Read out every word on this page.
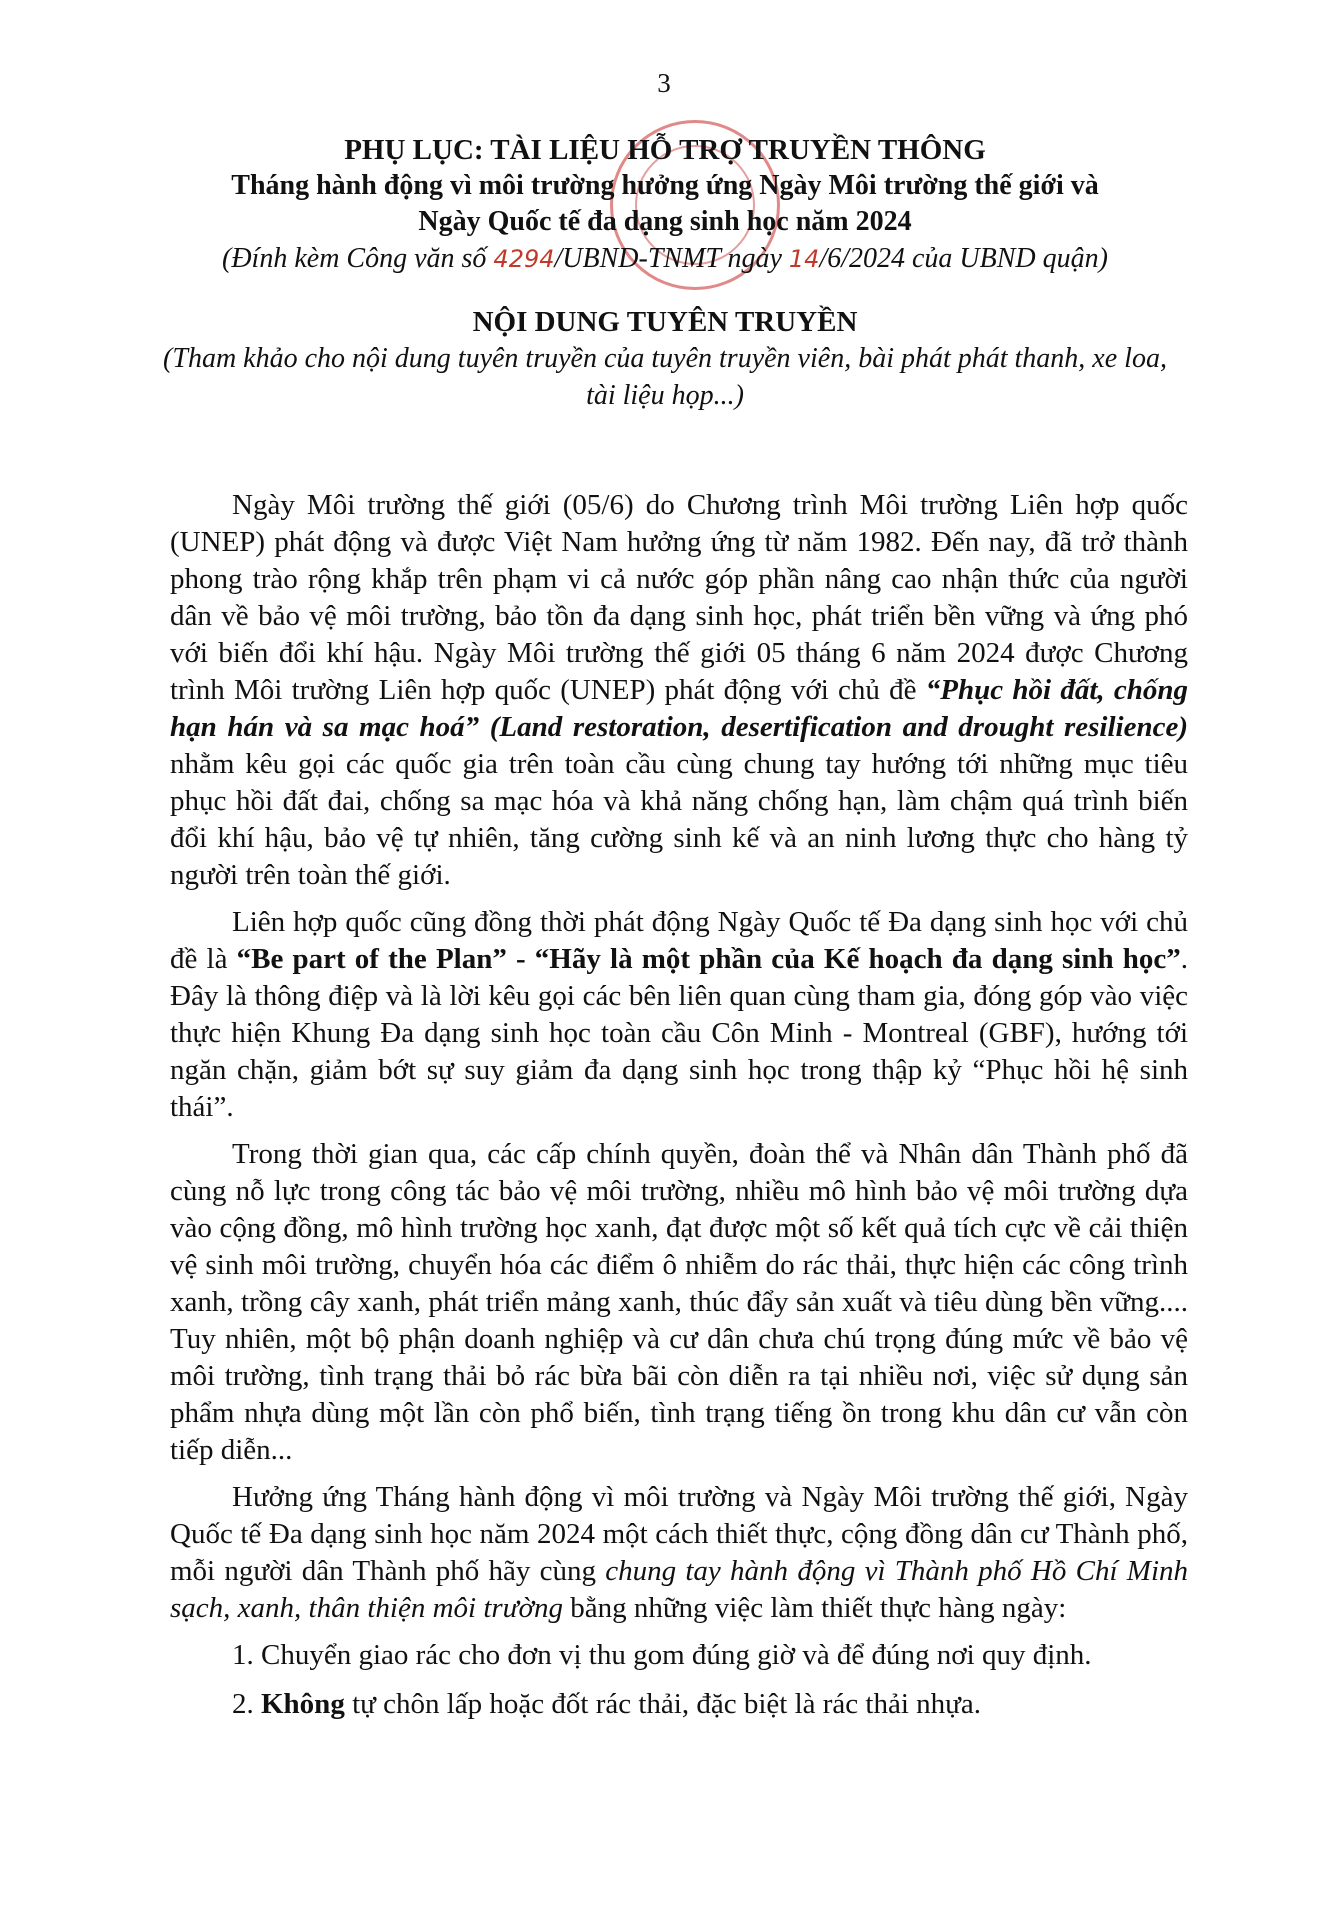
3
PHỤ LỤC: TÀI LIỆU HỖ TRỢ TRUYỀN THÔNG
Tháng hành động vì môi trường hưởng ứng Ngày Môi trường thế giới và
Ngày Quốc tế đa dạng sinh học năm 2024
(Đính kèm Công văn số 4294/UBND-TNMT ngày 14/6/2024 của UBND quận)
NỘI DUNG TUYÊN TRUYỀN
(Tham khảo cho nội dung tuyên truyền của tuyên truyền viên, bài phát phát thanh, xe loa, tài liệu họp...)

Ngày Môi trường thế giới (05/6) do Chương trình Môi trường Liên hợp quốc (UNEP) phát động và được Việt Nam hưởng ứng từ năm 1982. Đến nay, đã trở thành phong trào rộng khắp trên phạm vi cả nước góp phần nâng cao nhận thức của người dân về bảo vệ môi trường, bảo tồn đa dạng sinh học, phát triển bền vững và ứng phó với biến đổi khí hậu. Ngày Môi trường thế giới 05 tháng 6 năm 2024 được Chương trình Môi trường Liên hợp quốc (UNEP) phát động với chủ đề “Phục hồi đất, chống hạn hán và sa mạc hoá” (Land restoration, desertification and drought resilience) nhằm kêu gọi các quốc gia trên toàn cầu cùng chung tay hướng tới những mục tiêu phục hồi đất đai, chống sa mạc hóa và khả năng chống hạn, làm chậm quá trình biến đổi khí hậu, bảo vệ tự nhiên, tăng cường sinh kế và an ninh lương thực cho hàng tỷ người trên toàn thế giới.

Liên hợp quốc cũng đồng thời phát động Ngày Quốc tế Đa dạng sinh học với chủ đề là “Be part of the Plan” - “Hãy là một phần của Kế hoạch đa dạng sinh học”. Đây là thông điệp và là lời kêu gọi các bên liên quan cùng tham gia, đóng góp vào việc thực hiện Khung Đa dạng sinh học toàn cầu Côn Minh - Montreal (GBF), hướng tới ngăn chặn, giảm bớt sự suy giảm đa dạng sinh học trong thập kỷ “Phục hồi hệ sinh thái”.

Trong thời gian qua, các cấp chính quyền, đoàn thể và Nhân dân Thành phố đã cùng nỗ lực trong công tác bảo vệ môi trường, nhiều mô hình bảo vệ môi trường dựa vào cộng đồng, mô hình trường học xanh, đạt được một số kết quả tích cực về cải thiện vệ sinh môi trường, chuyển hóa các điểm ô nhiễm do rác thải, thực hiện các công trình xanh, trồng cây xanh, phát triển mảng xanh, thúc đẩy sản xuất và tiêu dùng bền vững.... Tuy nhiên, một bộ phận doanh nghiệp và cư dân chưa chú trọng đúng mức về bảo vệ môi trường, tình trạng thải bỏ rác bừa bãi còn diễn ra tại nhiều nơi, việc sử dụng sản phẩm nhựa dùng một lần còn phổ biến, tình trạng tiếng ồn trong khu dân cư vẫn còn tiếp diễn...

Hưởng ứng Tháng hành động vì môi trường và Ngày Môi trường thế giới, Ngày Quốc tế Đa dạng sinh học năm 2024 một cách thiết thực, cộng đồng dân cư Thành phố, mỗi người dân Thành phố hãy cùng chung tay hành động vì Thành phố Hồ Chí Minh sạch, xanh, thân thiện môi trường bằng những việc làm thiết thực hàng ngày:

1. Chuyển giao rác cho đơn vị thu gom đúng giờ và để đúng nơi quy định.
2. Không tự chôn lấp hoặc đốt rác thải, đặc biệt là rác thải nhựa.
